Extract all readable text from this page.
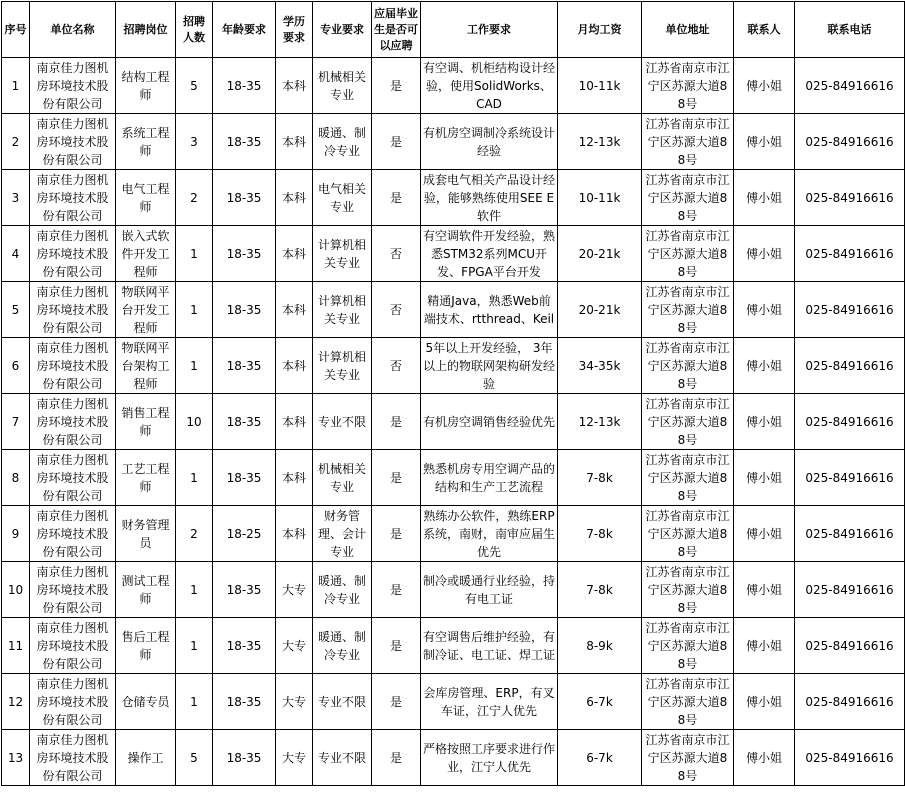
序号	单位名称	招聘岗位	招聘人数	年龄要求	学历要求	专业要求	应届毕业生是否可以应聘	工作要求	月均工资	单位地址	联系人	联系电话
1	南京佳力图机房环境技术股份有限公司	结构工程师	5	18-35	本科	机械相关专业	是	有空调、机柜结构设计经验，使用SolidWorks、CAD	10-11k	江苏省南京市江宁区苏源大道88号	傅小姐	025-84916616
2	南京佳力图机房环境技术股份有限公司	系统工程师	3	18-35	本科	暖通、制冷专业	是	有机房空调制冷系统设计经验	12-13k	江苏省南京市江宁区苏源大道88号	傅小姐	025-84916616
3	南京佳力图机房环境技术股份有限公司	电气工程师	2	18-35	本科	电气相关专业	是	成套电气相关产品设计经验，能够熟练使用SEE E软件	10-11k	江苏省南京市江宁区苏源大道88号	傅小姐	025-84916616
4	南京佳力图机房环境技术股份有限公司	嵌入式软件开发工程师	1	18-35	本科	计算机相关专业	否	有空调软件开发经验，熟悉STM32系列MCU开发、FPGA平台开发	20-21k	江苏省南京市江宁区苏源大道88号	傅小姐	025-84916616
5	南京佳力图机房环境技术股份有限公司	物联网平台开发工程师	1	18-35	本科	计算机相关专业	否	精通Java，熟悉Web前端技术、rtthread、Keil	20-21k	江苏省南京市江宁区苏源大道88号	傅小姐	025-84916616
6	南京佳力图机房环境技术股份有限公司	物联网平台架构工程师	1	18-35	本科	计算机相关专业	否	5年以上开发经验， 3年以上的物联网架构研发经验	34-35k	江苏省南京市江宁区苏源大道88号	傅小姐	025-84916616
7	南京佳力图机房环境技术股份有限公司	销售工程师	10	18-35	本科	专业不限	是	有机房空调销售经验优先	12-13k	江苏省南京市江宁区苏源大道88号	傅小姐	025-84916616
8	南京佳力图机房环境技术股份有限公司	工艺工程师	1	18-35	本科	机械相关专业	是	熟悉机房专用空调产品的结构和生产工艺流程	7-8k	江苏省南京市江宁区苏源大道88号	傅小姐	025-84916616
9	南京佳力图机房环境技术股份有限公司	财务管理员	2	18-25	本科	财务管理、会计专业	是	熟练办公软件，熟练ERP系统，南财，南审应届生优先	7-8k	江苏省南京市江宁区苏源大道88号	傅小姐	025-84916616
10	南京佳力图机房环境技术股份有限公司	测试工程师	1	18-35	大专	暖通、制冷专业	是	制冷或暖通行业经验，持有电工证	7-8k	江苏省南京市江宁区苏源大道88号	傅小姐	025-84916616
11	南京佳力图机房环境技术股份有限公司	售后工程师	1	18-35	大专	暖通、制冷专业	是	有空调售后维护经验，有制冷证、电工证、焊工证	8-9k	江苏省南京市江宁区苏源大道88号	傅小姐	025-84916616
12	南京佳力图机房环境技术股份有限公司	仓储专员	1	18-35	大专	专业不限	是	会库房管理、ERP，有叉车证，江宁人优先	6-7k	江苏省南京市江宁区苏源大道88号	傅小姐	025-84916616
13	南京佳力图机房环境技术股份有限公司	操作工	5	18-35	大专	专业不限	是	严格按照工序要求进行作业，江宁人优先	6-7k	江苏省南京市江宁区苏源大道88号	傅小姐	025-84916616
